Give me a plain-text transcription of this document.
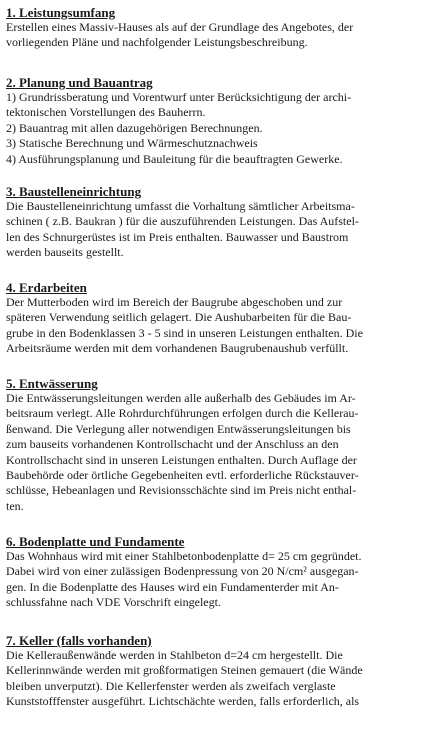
1. Leistungsumfang
Erstellen eines Massiv-Hauses als auf der Grundlage des Angebotes, der
vorliegenden Pläne und nachfolgender Leistungsbeschreibung.
2. Planung und Bauantrag
1) Grundrissberatung und Vorentwurf unter Berücksichtigung der archi-
tektonischen Vorstellungen des Bauherrn.
2) Bauantrag mit allen dazugehörigen Berechnungen.
3) Statische Berechnung und Wärmeschutznachweis
4) Ausführungsplanung und Bauleitung für die beauftragten Gewerke.
3. Baustelleneinrichtung
Die Baustelleneinrichtung umfasst die Vorhaltung sämtlicher Arbeitsma-
schinen ( z.B. Baukran ) für die auszuführenden Leistungen. Das Aufstel-
len des Schnurgerüstes ist im Preis enthalten. Bauwasser und Baustrom
werden bauseits gestellt.
4. Erdarbeiten
Der Mutterboden wird im Bereich der Baugrube abgeschoben und zur
späteren Verwendung seitlich gelagert. Die Aushubarbeiten für die Bau-
grube in den Bodenklassen 3 - 5 sind in unseren Leistungen enthalten. Die
Arbeitsräume werden mit dem vorhandenen Baugrubenaushub verfüllt.
5. Entwässerung
Die Entwässerungsleitungen werden alle außerhalb des Gebäudes im Ar-
beitsraum verlegt. Alle Rohrdurchführungen erfolgen durch die Kellerau-
ßenwand. Die Verlegung aller notwendigen Entwässerungsleitungen bis
zum bauseits vorhandenen Kontrollschacht und der Anschluss an den
Kontrollschacht sind in unseren Leistungen enthalten. Durch Auflage der
Baubehörde oder örtliche Gegebenheiten evtl. erforderliche Rückstauver-
schlüsse, Hebeanlagen und Revisionsschächte sind im Preis nicht enthal-
ten.
6. Bodenplatte und Fundamente
Das Wohnhaus wird mit einer Stahlbetonbodenplatte d= 25 cm gegründet.
Dabei wird von einer zulässigen Bodenpressung von 20 N/cm² ausgegan-
gen. In die Bodenplatte des Hauses wird ein Fundamenterder mit An-
schlussfahne nach VDE Vorschrift eingelegt.
7. Keller (falls vorhanden)
Die Kelleraußenwände werden in Stahlbeton d=24 cm hergestellt. Die
Kellerinnwände werden mit großformatigen Steinen gemauert (die Wände
bleiben unverputzt). Die Kellerfenster werden als zweifach verglaste
Kunststofffenster ausgeführt. Lichtschächte werden, falls erforderlich, als
